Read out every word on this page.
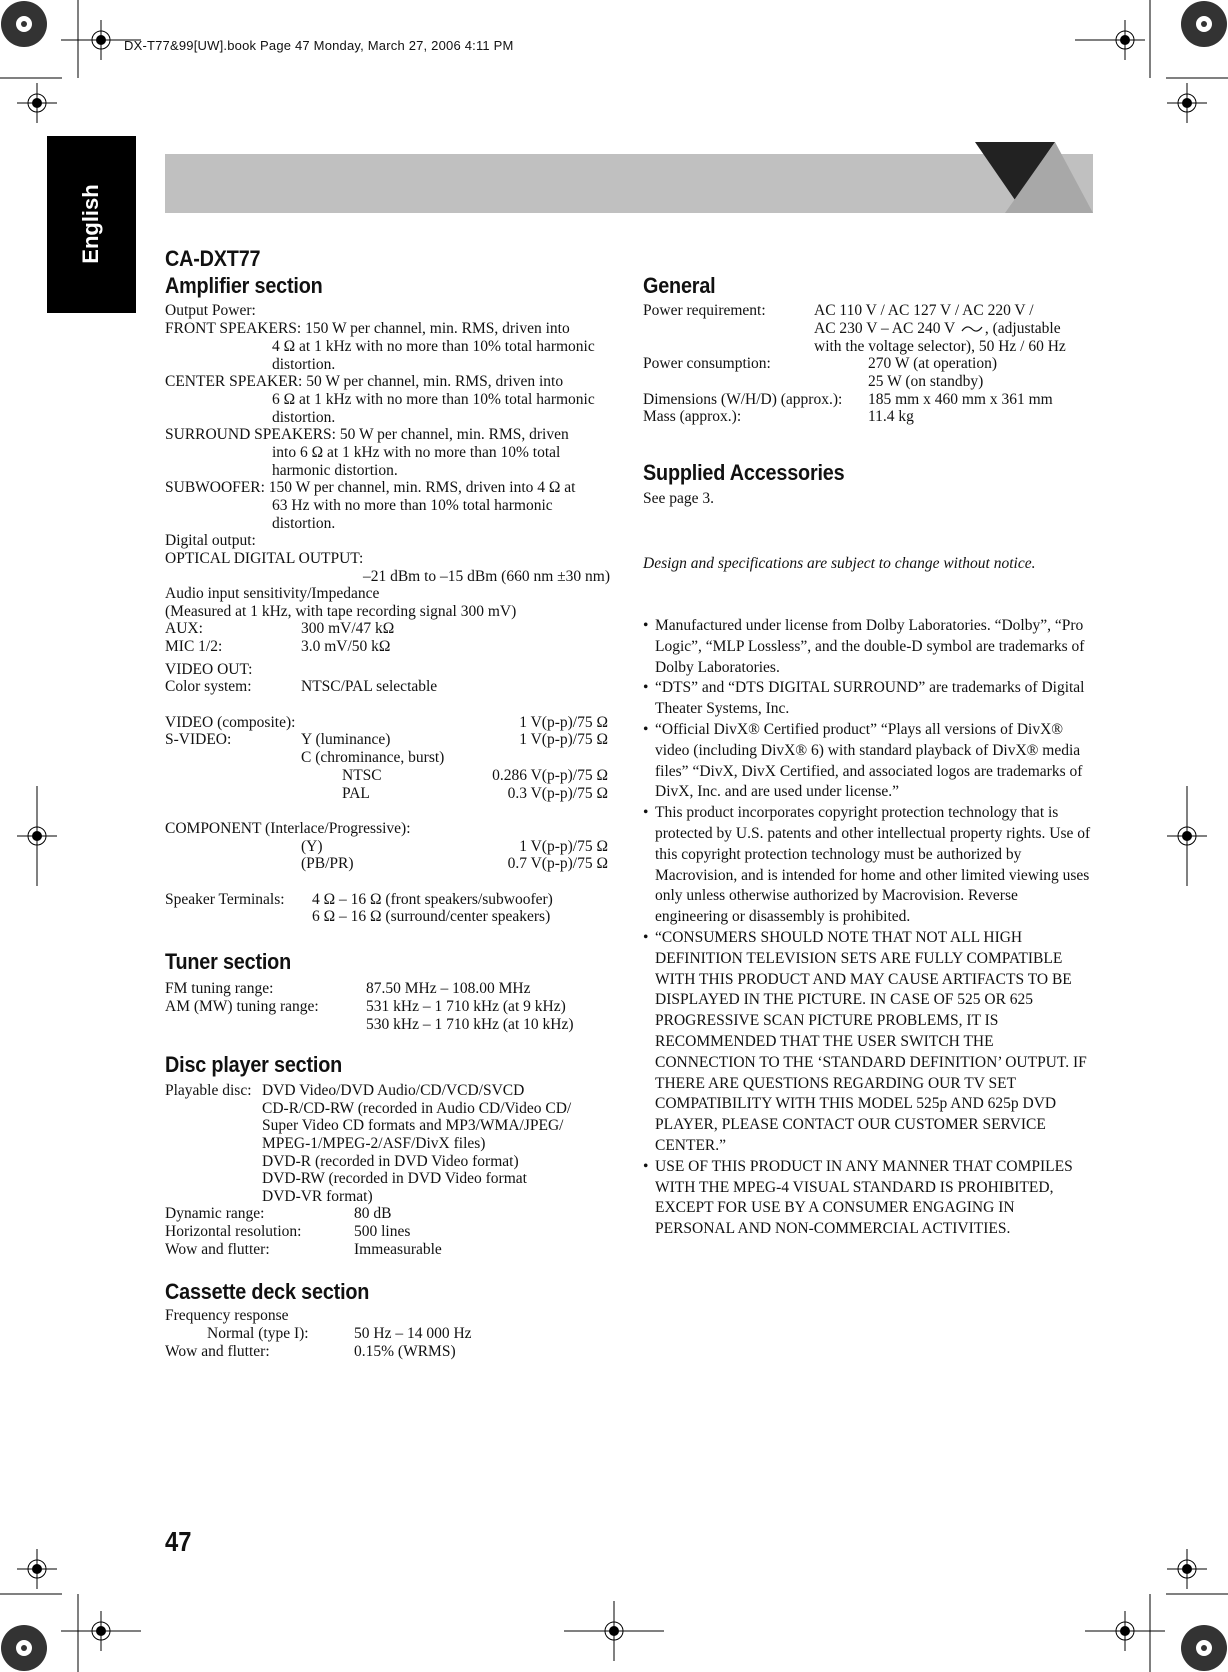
DX-T77&99[UW].book Page 47 Monday, March 27, 2006 4:11 PM
English	CA-DXT77
Amplifier section
Output Power:
FRONT SPEAKERS: 150 W per channel, min. RMS, driven into
4 Ω at 1 kHz with no more than 10% total harmonic
distortion.
CENTER SPEAKER: 50 W per channel, min. RMS, driven into
6 Ω at 1 kHz with no more than 10% total harmonic
distortion.
SURROUND SPEAKERS: 50 W per channel, min. RMS, driven
into 6 Ω at 1 kHz with no more than 10% total
harmonic distortion.
SUBWOOFER: 150 W per channel, min. RMS, driven into 4 Ω at
63 Hz with no more than 10% total harmonic
distortion.
Digital output:
OPTICAL DIGITAL OUTPUT:
–21 dBm to –15 dBm (660 nm ±30 nm)
Audio input sensitivity/Impedance
(Measured at 1 kHz, with tape recording signal 300 mV)
AUX:	300 mV/47 kΩ
MIC 1/2:	3.0 mV/50 kΩ
VIDEO OUT:
Color system:	NTSC/PAL selectable
VIDEO (composite):	1 V(p-p)/75 Ω
S-VIDEO:	Y (luminance)	1 V(p-p)/75 Ω
C (chrominance, burst)
NTSC	0.286 V(p-p)/75 Ω
PAL	0.3 V(p-p)/75 Ω
COMPONENT (Interlace/Progressive):
(Y)	1 V(p-p)/75 Ω
(PB/PR)	0.7 V(p-p)/75 Ω
Speaker Terminals: 4 Ω – 16 Ω (front speakers/subwoofer)
6 Ω – 16 Ω (surround/center speakers)
Tuner section
FM tuning range:	87.50 MHz – 108.00 MHz
AM (MW) tuning range:	531 kHz – 1 710 kHz (at 9 kHz)
530 kHz – 1 710 kHz (at 10 kHz)
Disc player section
Playable disc: DVD Video/DVD Audio/CD/VCD/SVCD
CD-R/CD-RW (recorded in Audio CD/Video CD/
Super Video CD formats and MP3/WMA/JPEG/
MPEG-1/MPEG-2/ASF/DivX files)
DVD-R (recorded in DVD Video format)
DVD-RW (recorded in DVD Video format
DVD-VR format)
Dynamic range:	80 dB
Horizontal resolution:	500 lines
Wow and flutter:	Immeasurable
Cassette deck section
Frequency response
Normal (type I):	50 Hz – 14 000 Hz
Wow and flutter:	0.15% (WRMS)
General
Power requirement:	AC 110 V / AC 127 V / AC 220 V /
AC 230 V – AC 240 V , (adjustable
with the voltage selector), 50 Hz / 60 Hz
Power consumption:	270 W (at operation)
25 W (on standby)
Dimensions (W/H/D) (approx.): 185 mm x 460 mm x 361 mm
Mass (approx.):	11.4 kg
Supplied Accessories
See page 3.
Design and specifications are subject to change without notice.
• Manufactured under license from Dolby Laboratories. “Dolby”, “Pro Logic”, “MLP Lossless”, and the double-D symbol are trademarks of Dolby Laboratories.
• “DTS” and “DTS DIGITAL SURROUND” are trademarks of Digital Theater Systems, Inc.
• “Official DivX® Certified product” “Plays all versions of DivX® video (including DivX® 6) with standard playback of DivX® media files” “DivX, DivX Certified, and associated logos are trademarks of DivX, Inc. and are used under license.”
• This product incorporates copyright protection technology that is protected by U.S. patents and other intellectual property rights. Use of this copyright protection technology must be authorized by Macrovision, and is intended for home and other limited viewing uses only unless otherwise authorized by Macrovision. Reverse engineering or disassembly is prohibited.
• “CONSUMERS SHOULD NOTE THAT NOT ALL HIGH DEFINITION TELEVISION SETS ARE FULLY COMPATIBLE WITH THIS PRODUCT AND MAY CAUSE ARTIFACTS TO BE DISPLAYED IN THE PICTURE. IN CASE OF 525 OR 625 PROGRESSIVE SCAN PICTURE PROBLEMS, IT IS RECOMMENDED THAT THE USER SWITCH THE CONNECTION TO THE ‘STANDARD DEFINITION’ OUTPUT. IF THERE ARE QUESTIONS REGARDING OUR TV SET COMPATIBILITY WITH THIS MODEL 525p AND 625p DVD PLAYER, PLEASE CONTACT OUR CUSTOMER SERVICE CENTER.”
• USE OF THIS PRODUCT IN ANY MANNER THAT COMPILES WITH THE MPEG-4 VISUAL STANDARD IS PROHIBITED, EXCEPT FOR USE BY A CONSUMER ENGAGING IN PERSONAL AND NON-COMMERCIAL ACTIVITIES.
47
